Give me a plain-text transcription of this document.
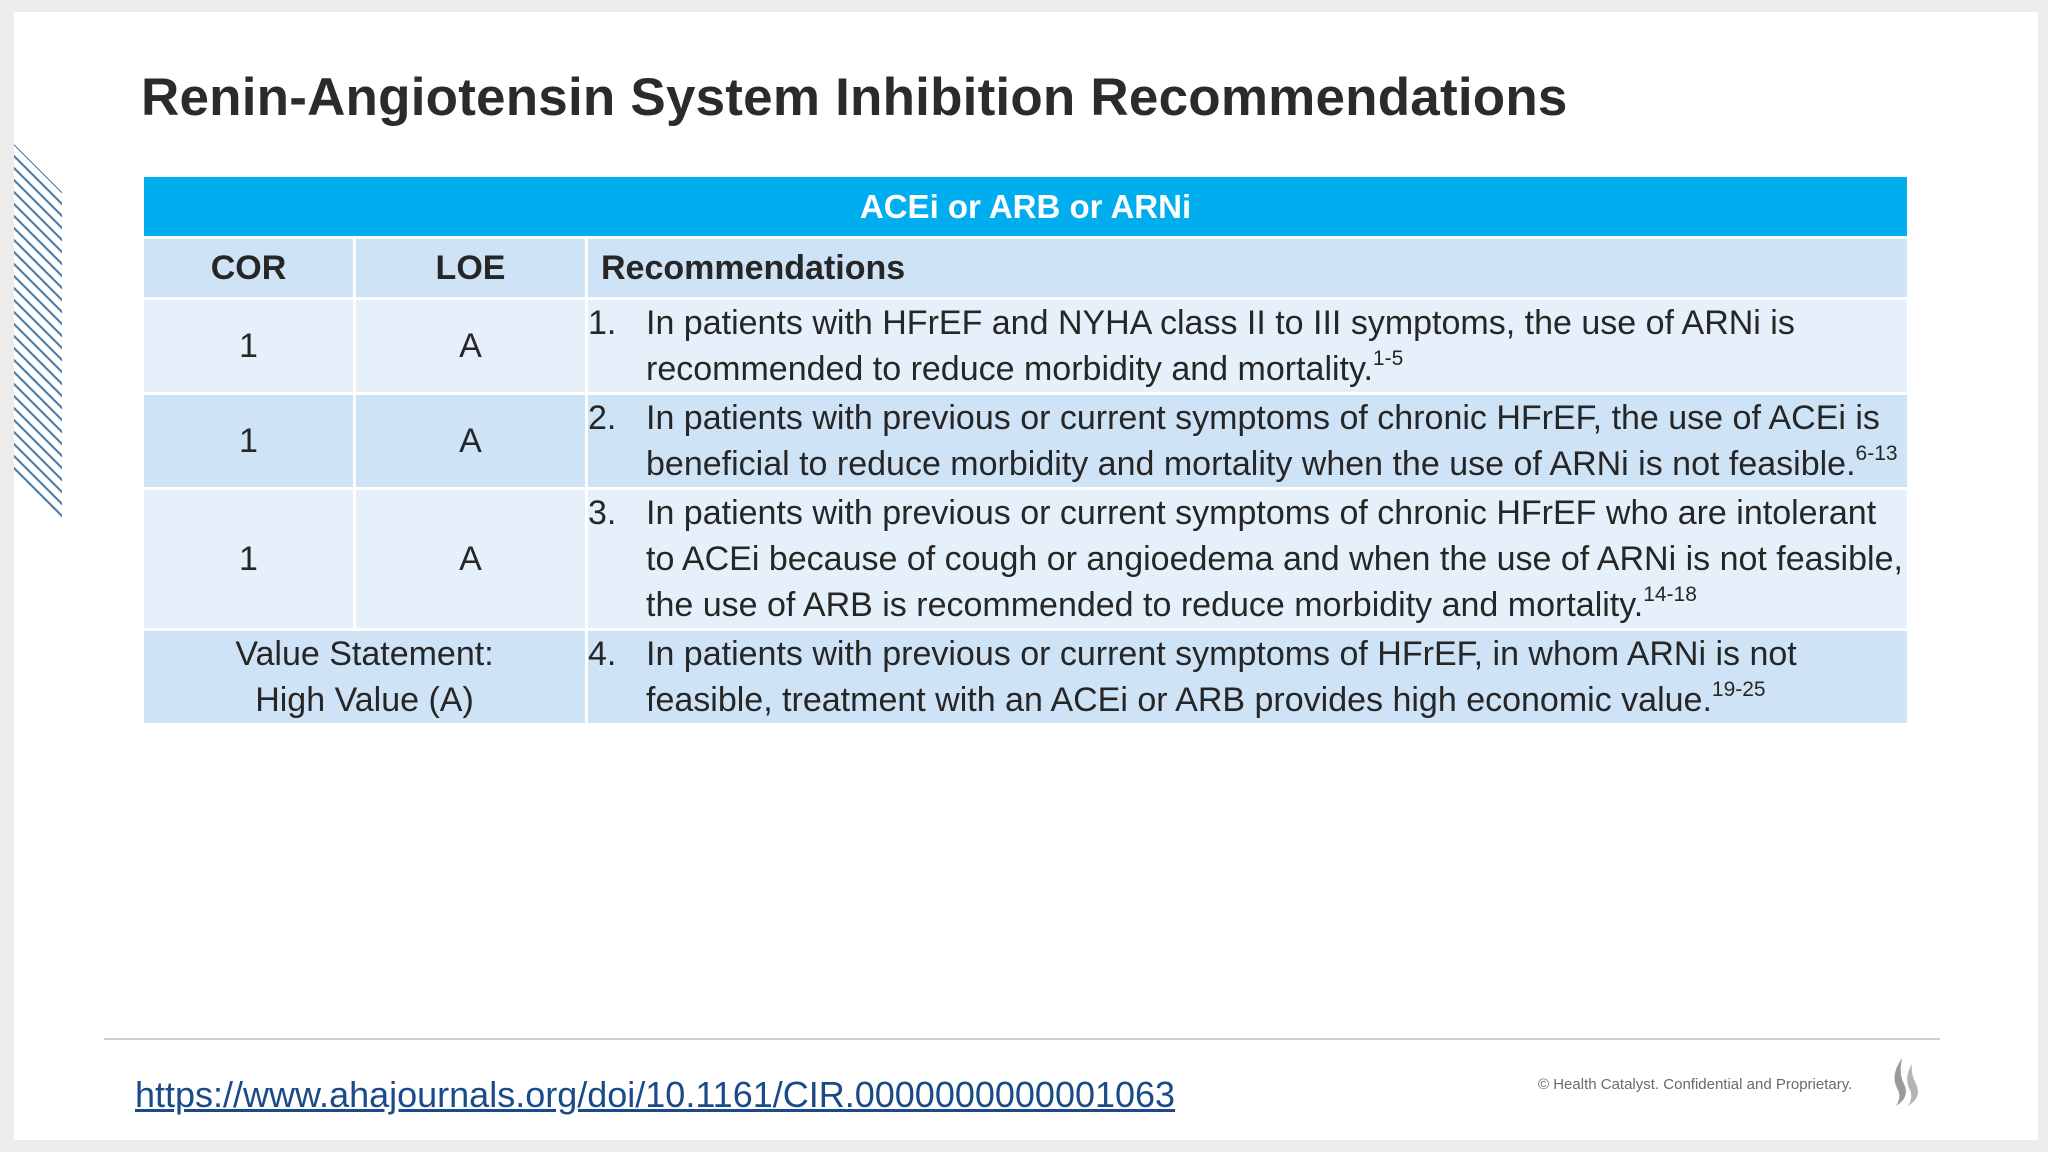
Renin-Angiotensin System Inhibition Recommendations
ACEi or ARB or ARNi		
COR	LOE	Recommendations
1	A	1. In patients with HFrEF and NYHA class II to III symptoms, the use of ARNi is recommended to reduce morbidity and mortality.$^{1-5}$

1	A	2. In patients with previous or current symptoms of chronic HFrEF, the use of ACEi is beneficial to reduce morbidity and mortality when the use of ARNi is not feasible.$^{6-13}$

1	A	3. In patients with previous or current symptoms of chronic HFrEF who are intolerant to ACEi because of cough or angioedema and when the use of ARNi is not feasible, the use of ARB is recommended to reduce morbidity and mortality.$^{14-18}$

Value Statement:
High Value (A)		4. In patients with previous or current symptoms of HFrEF, in whom ARNi is not feasible, treatment with an ACEi or ARB provides high economic value.$^{19-25}$
https://www.ahajournals.org/doi/10.1161/CIR.0000000000001063	© Health Catalyst. Confidential and Proprietary.
